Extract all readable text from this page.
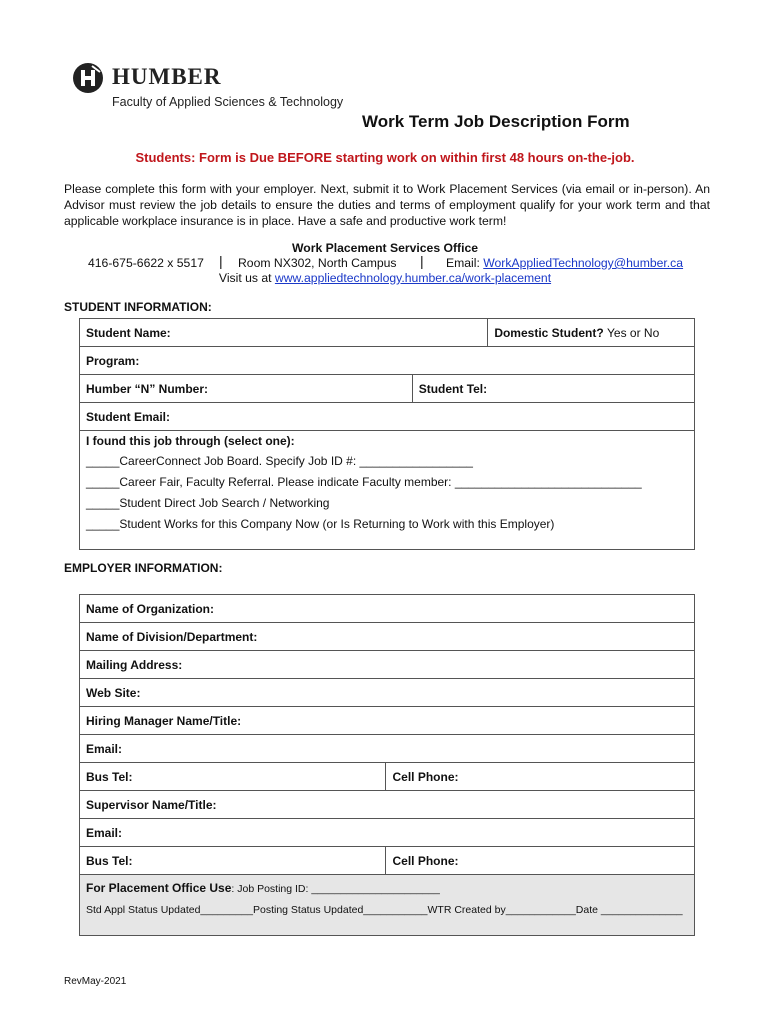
HUMBER
Faculty of Applied Sciences & Technology
Work Term Job Description Form
Students: Form is Due BEFORE starting work on within first 48 hours on-the-job.
Please complete this form with your employer. Next, submit it to Work Placement Services (via email or in-person). An Advisor must review the job details to ensure the duties and terms of employment qualify for your work term and that applicable workplace insurance is in place. Have a safe and productive work term!
Work Placement Services Office
416-675-6622 x 5517 | Room NX302, North Campus | Email: WorkAppliedTechnology@humber.ca
Visit us at www.appliedtechnology.humber.ca/work-placement
STUDENT INFORMATION:
Student Name:		Domestic Student? Yes or No
Program:		
Humber “N” Number:	Student Tel:	
Student Email:		

I found this job through (select one):
_____CareerConnect Job Board. Specify Job ID #: _________________
_____Career Fair, Faculty Referral. Please indicate Faculty member: ____________________________
_____Student Direct Job Search / Networking
_____Student Works for this Company Now (or Is Returning to Work with this Employer)		
EMPLOYER INFORMATION:
Name of Organization:	
Name of Division/Department:	
Mailing Address:	
Web Site:	
Hiring Manager Name/Title:	
Email:	
Bus Tel:	Cell Phone:
Supervisor Name/Title:	
Email:	
Bus Tel:	Cell Phone:

For Placement Office Use: Job Posting ID: ______________________
Std Appl Status Updated_________Posting Status Updated___________WTR Created by____________Date ______________	
RevMay-2021
